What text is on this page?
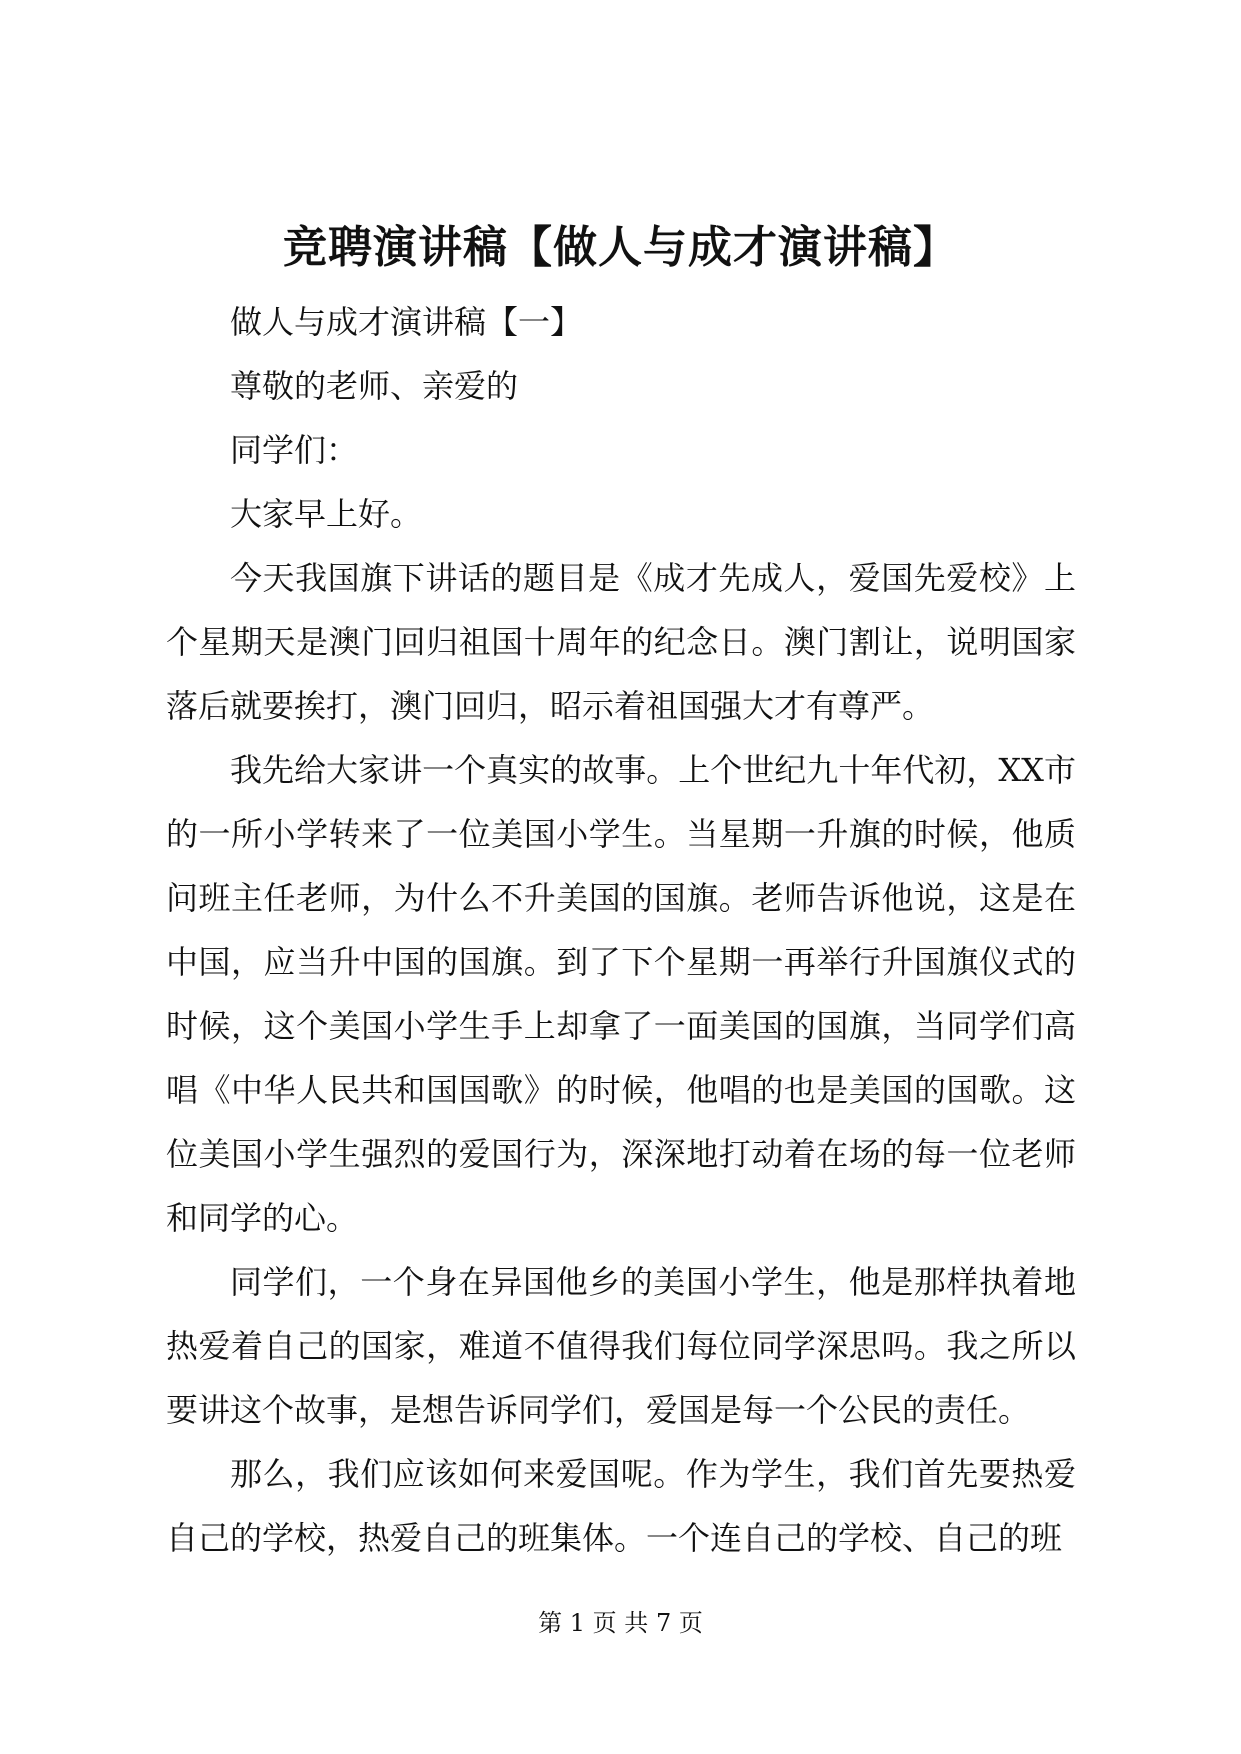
竞聘演讲稿【做人与成才演讲稿】

做人与成才演讲稿【一】

尊敬的老师、亲爱的

同学们：

大家早上好。

今天我国旗下讲话的题目是《成才先成人，爱国先爱校》上个星期天是澳门回归祖国十周年的纪念日。澳门割让，说明国家落后就要挨打，澳门回归，昭示着祖国强大才有尊严。

我先给大家讲一个真实的故事。上个世纪九十年代初，XX市的一所小学转来了一位美国小学生。当星期一升旗的时候，他质问班主任老师，为什么不升美国的国旗。老师告诉他说，这是在中国，应当升中国的国旗。到了下个星期一再举行升国旗仪式的时候，这个美国小学生手上却拿了一面美国的国旗，当同学们高唱《中华人民共和国国歌》的时候，他唱的也是美国的国歌。这位美国小学生强烈的爱国行为，深深地打动着在场的每一位老师和同学的心。

同学们，一个身在异国他乡的美国小学生，他是那样执着地热爱着自己的国家，难道不值得我们每位同学深思吗。我之所以要讲这个故事，是想告诉同学们，爱国是每一个公民的责任。

那么，我们应该如何来爱国呢。作为学生，我们首先要热爱自己的学校，热爱自己的班集体。一个连自己的学校、自己的班

第 1 页 共 7 页
